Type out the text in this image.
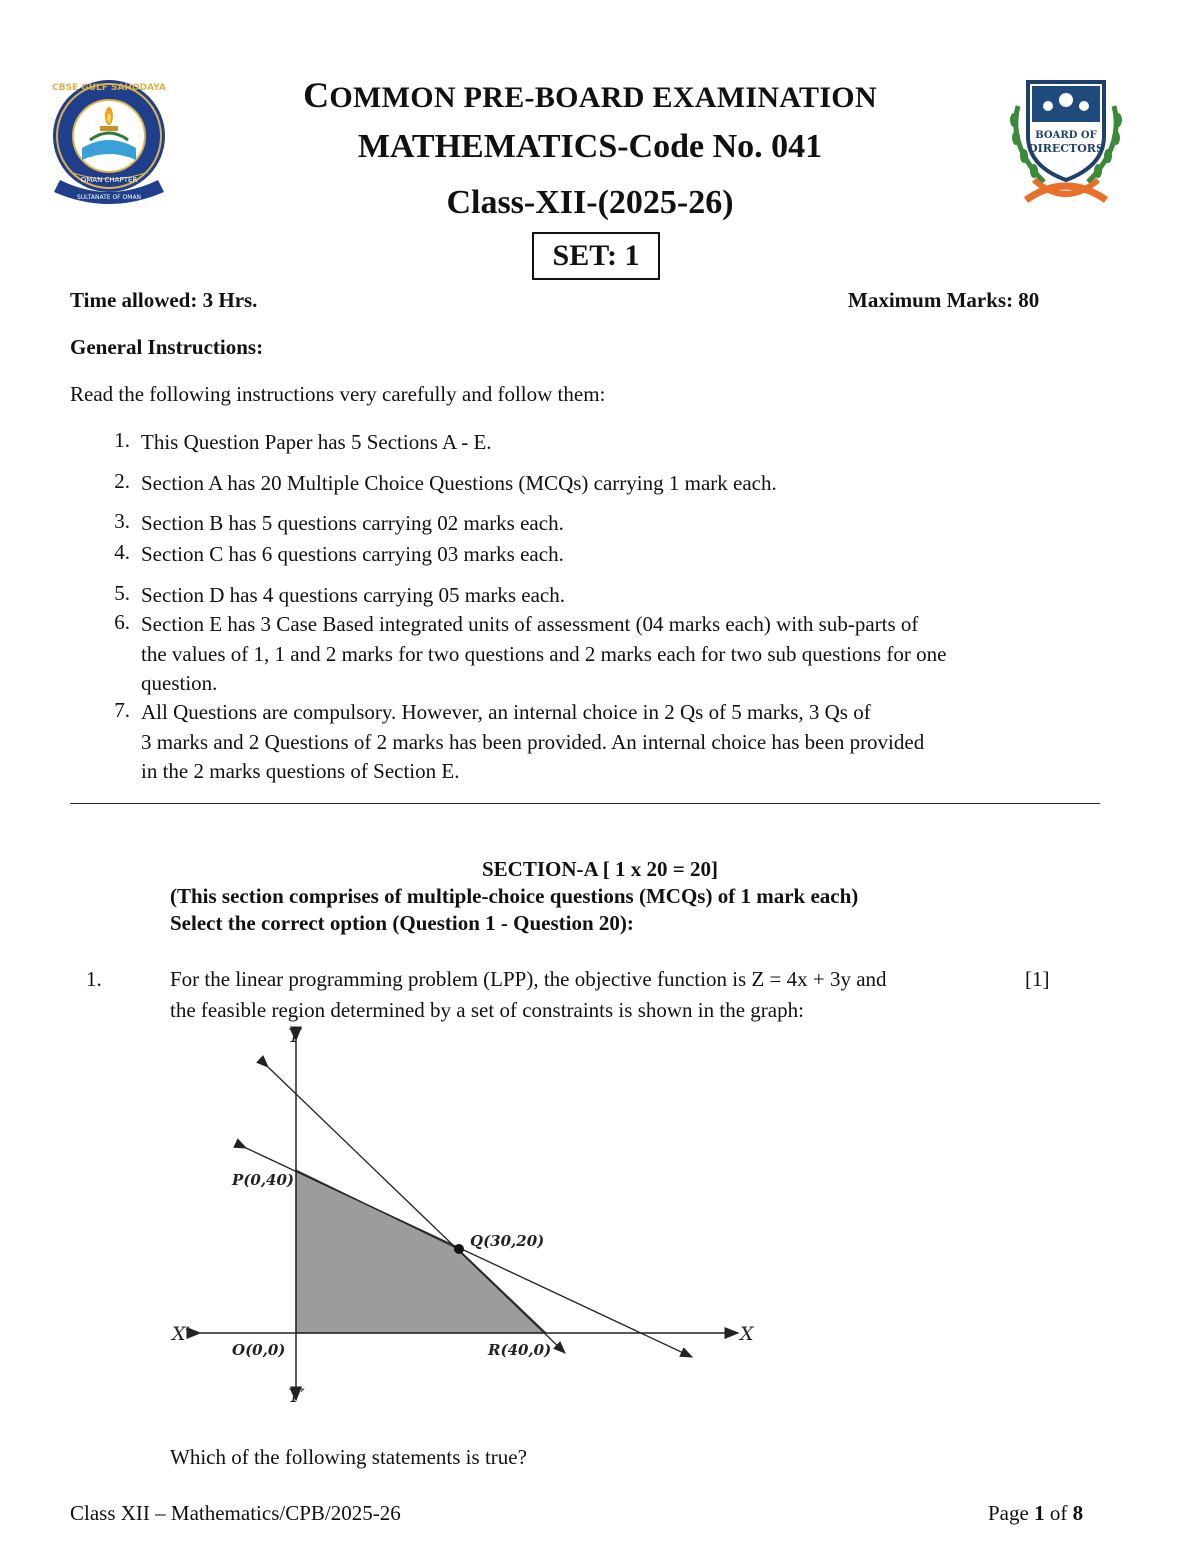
CBSE GULF SAHODAYA
OMAN CHAPTER
SULTANATE OF OMAN
BOARD OF
DIRECTORS
COMMON PRE-BOARD EXAMINATION
MATHEMATICS-Code No. 041
Class-XII-(2025-26)
SET: 1
Time allowed: 3 Hrs.	Maximum Marks: 80
General Instructions:
Read the following instructions very carefully and follow them:
1. This Question Paper has 5 Sections A - E.
2. Section A has 20 Multiple Choice Questions (MCQs) carrying 1 mark each.
3. Section B has 5 questions carrying 02 marks each.
4. Section C has 6 questions carrying 03 marks each.
5. Section D has 4 questions carrying 05 marks each.
6. Section E has 3 Case Based integrated units of assessment (04 marks each) with sub-parts of
the values of 1, 1 and 2 marks for two questions and 2 marks each for two sub questions for one
question.
7. All Questions are compulsory. However, an internal choice in 2 Qs of 5 marks, 3 Qs of
3 marks and 2 Questions of 2 marks has been provided. An internal choice has been provided
in the 2 marks questions of Section E.
SECTION-A [ 1 x 20 = 20]
(This section comprises of multiple-choice questions (MCQs) of 1 mark each)
Select the correct option (Question 1 - Question 20):
1.	For the linear programming problem (LPP), the objective function is Z = 4x + 3y and
the feasible region determined by a set of constraints is shown in the graph:
[1]
Y
Y′
X
X′
P(0,40)
Q(30,20)
O(0,0)	R(40,0)
Which of the following statements is true?
Class XII – Mathematics/CPB/2025-26	Page 1 of 8
